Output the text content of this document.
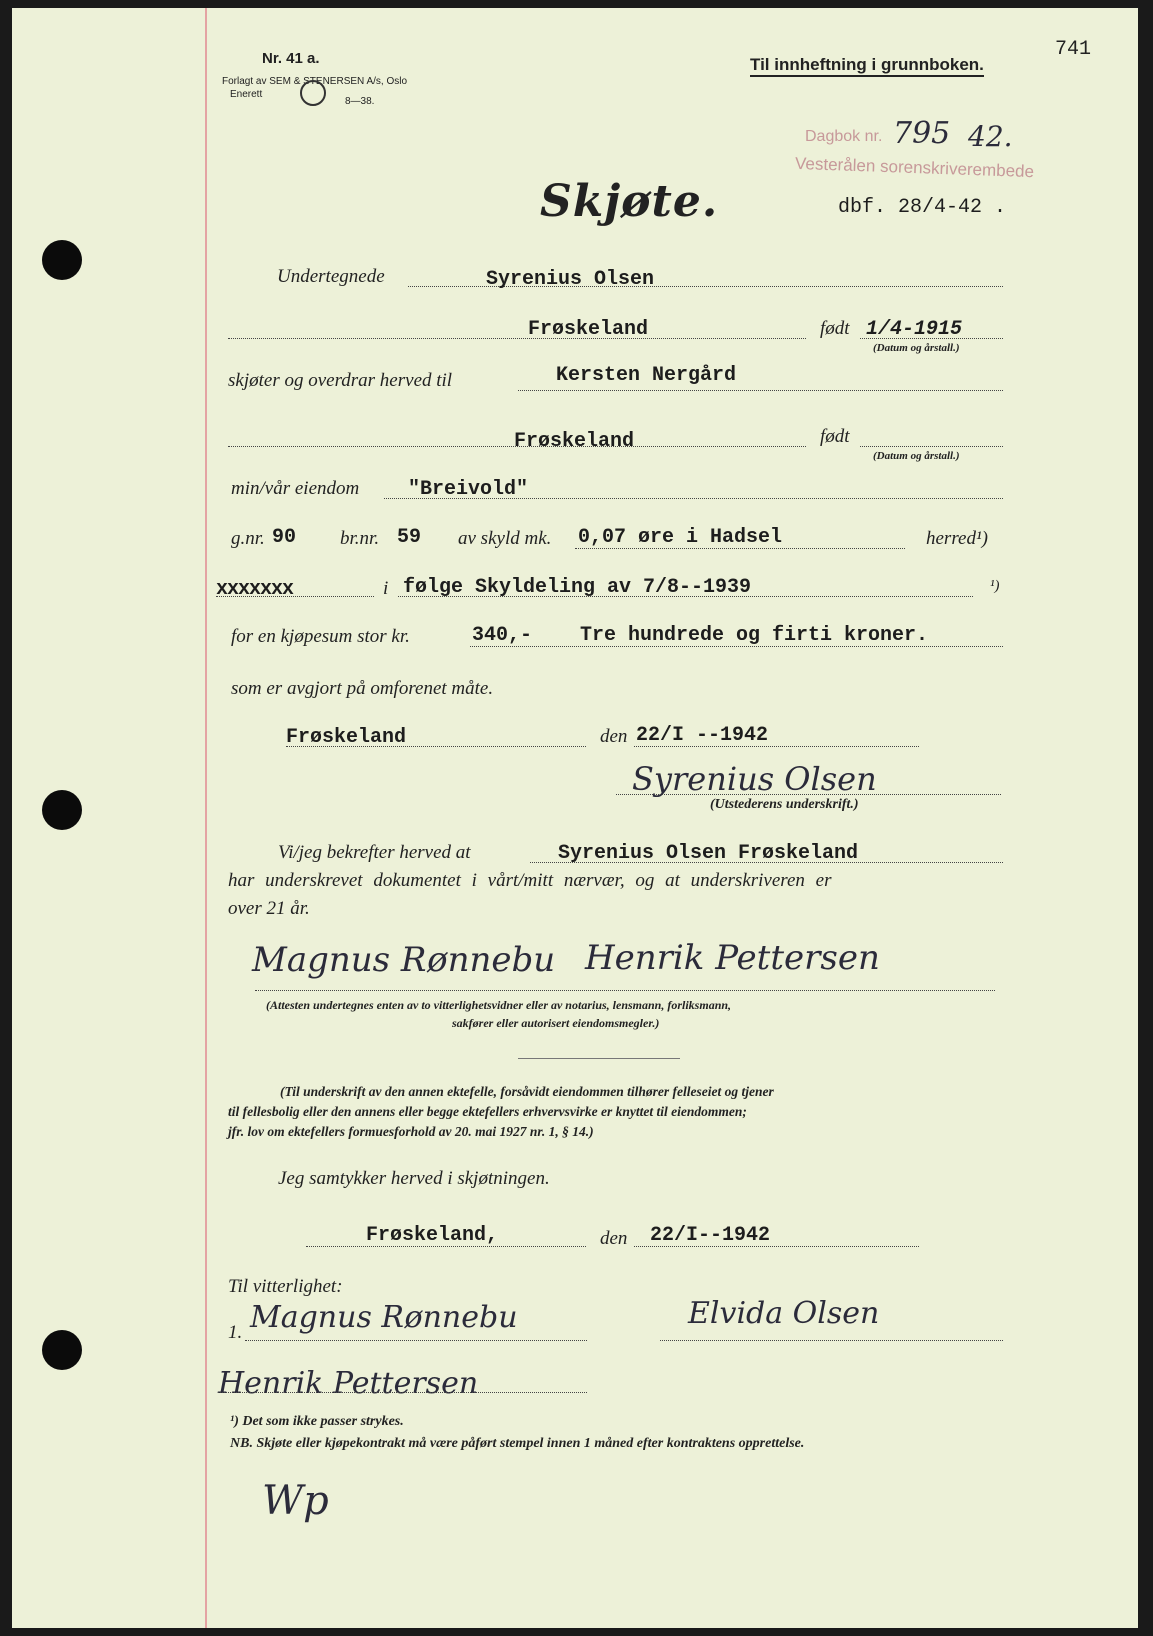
Nr. 41 a.
Forlagt av SEM & STENERSEN A/s, Oslo
Enerett
8—38.
Til innheftning i grunnboken.
741
Dagbok nr. 795 42.
Vesterålen sorenskriverembede
Skjøte.	dbf. 28/4-42 .
Undertegnede	Syrenius Olsen
Frøskeland	født 1/4-1915
(Datum og årstall.)
skjøter og overdrar herved til	Kersten Nergård
Frøskeland	født
(Datum og årstall.)
min/vår eiendom "Breivold"
g.nr. 90 br.nr. 59 av skyld mk. 0,07 øre i Hadsel	herred¹)
xxxxxxx	i følge Skyldeling av 7/8--1939	¹)
for en kjøpesum stor kr.	340,- Tre hundrede og firti kroner.
som er avgjort på omforenet måte.
Frøskeland	den 22/I --1942
Syrenius Olsen
(Utstederens underskrift.)
Vi/jeg bekrefter herved at	Syrenius Olsen Frøskeland
har underskrevet dokumentet i vårt/mitt nærvær, og at underskriveren er
over 21 år.
Magnus Rønnebu Henrik Pettersen
(Attesten undertegnes enten av to vitterlighetsvidner eller av notarius, lensmann, forliksmann,
sakfører eller autorisert eiendomsmegler.)
(Til underskrift av den annen ektefelle, forsåvidt eiendommen tilhører felleseiet og tjener
til fellesbolig eller den annens eller begge ektefellers erhvervsvirke er knyttet til eiendommen;
jfr. lov om ektefellers formuesforhold av 20. mai 1927 nr. 1, § 14.)
Jeg samtykker herved i skjøtningen.
Frøskeland,	den 22/I--1942
Til vitterlighet:
1. Magnus Rønnebu	Elvida Olsen
Henrik Pettersen
¹) Det som ikke passer strykes.
NB. Skjøte eller kjøpekontrakt må være påført stempel innen 1 måned efter kontraktens opprettelse.
Wp
